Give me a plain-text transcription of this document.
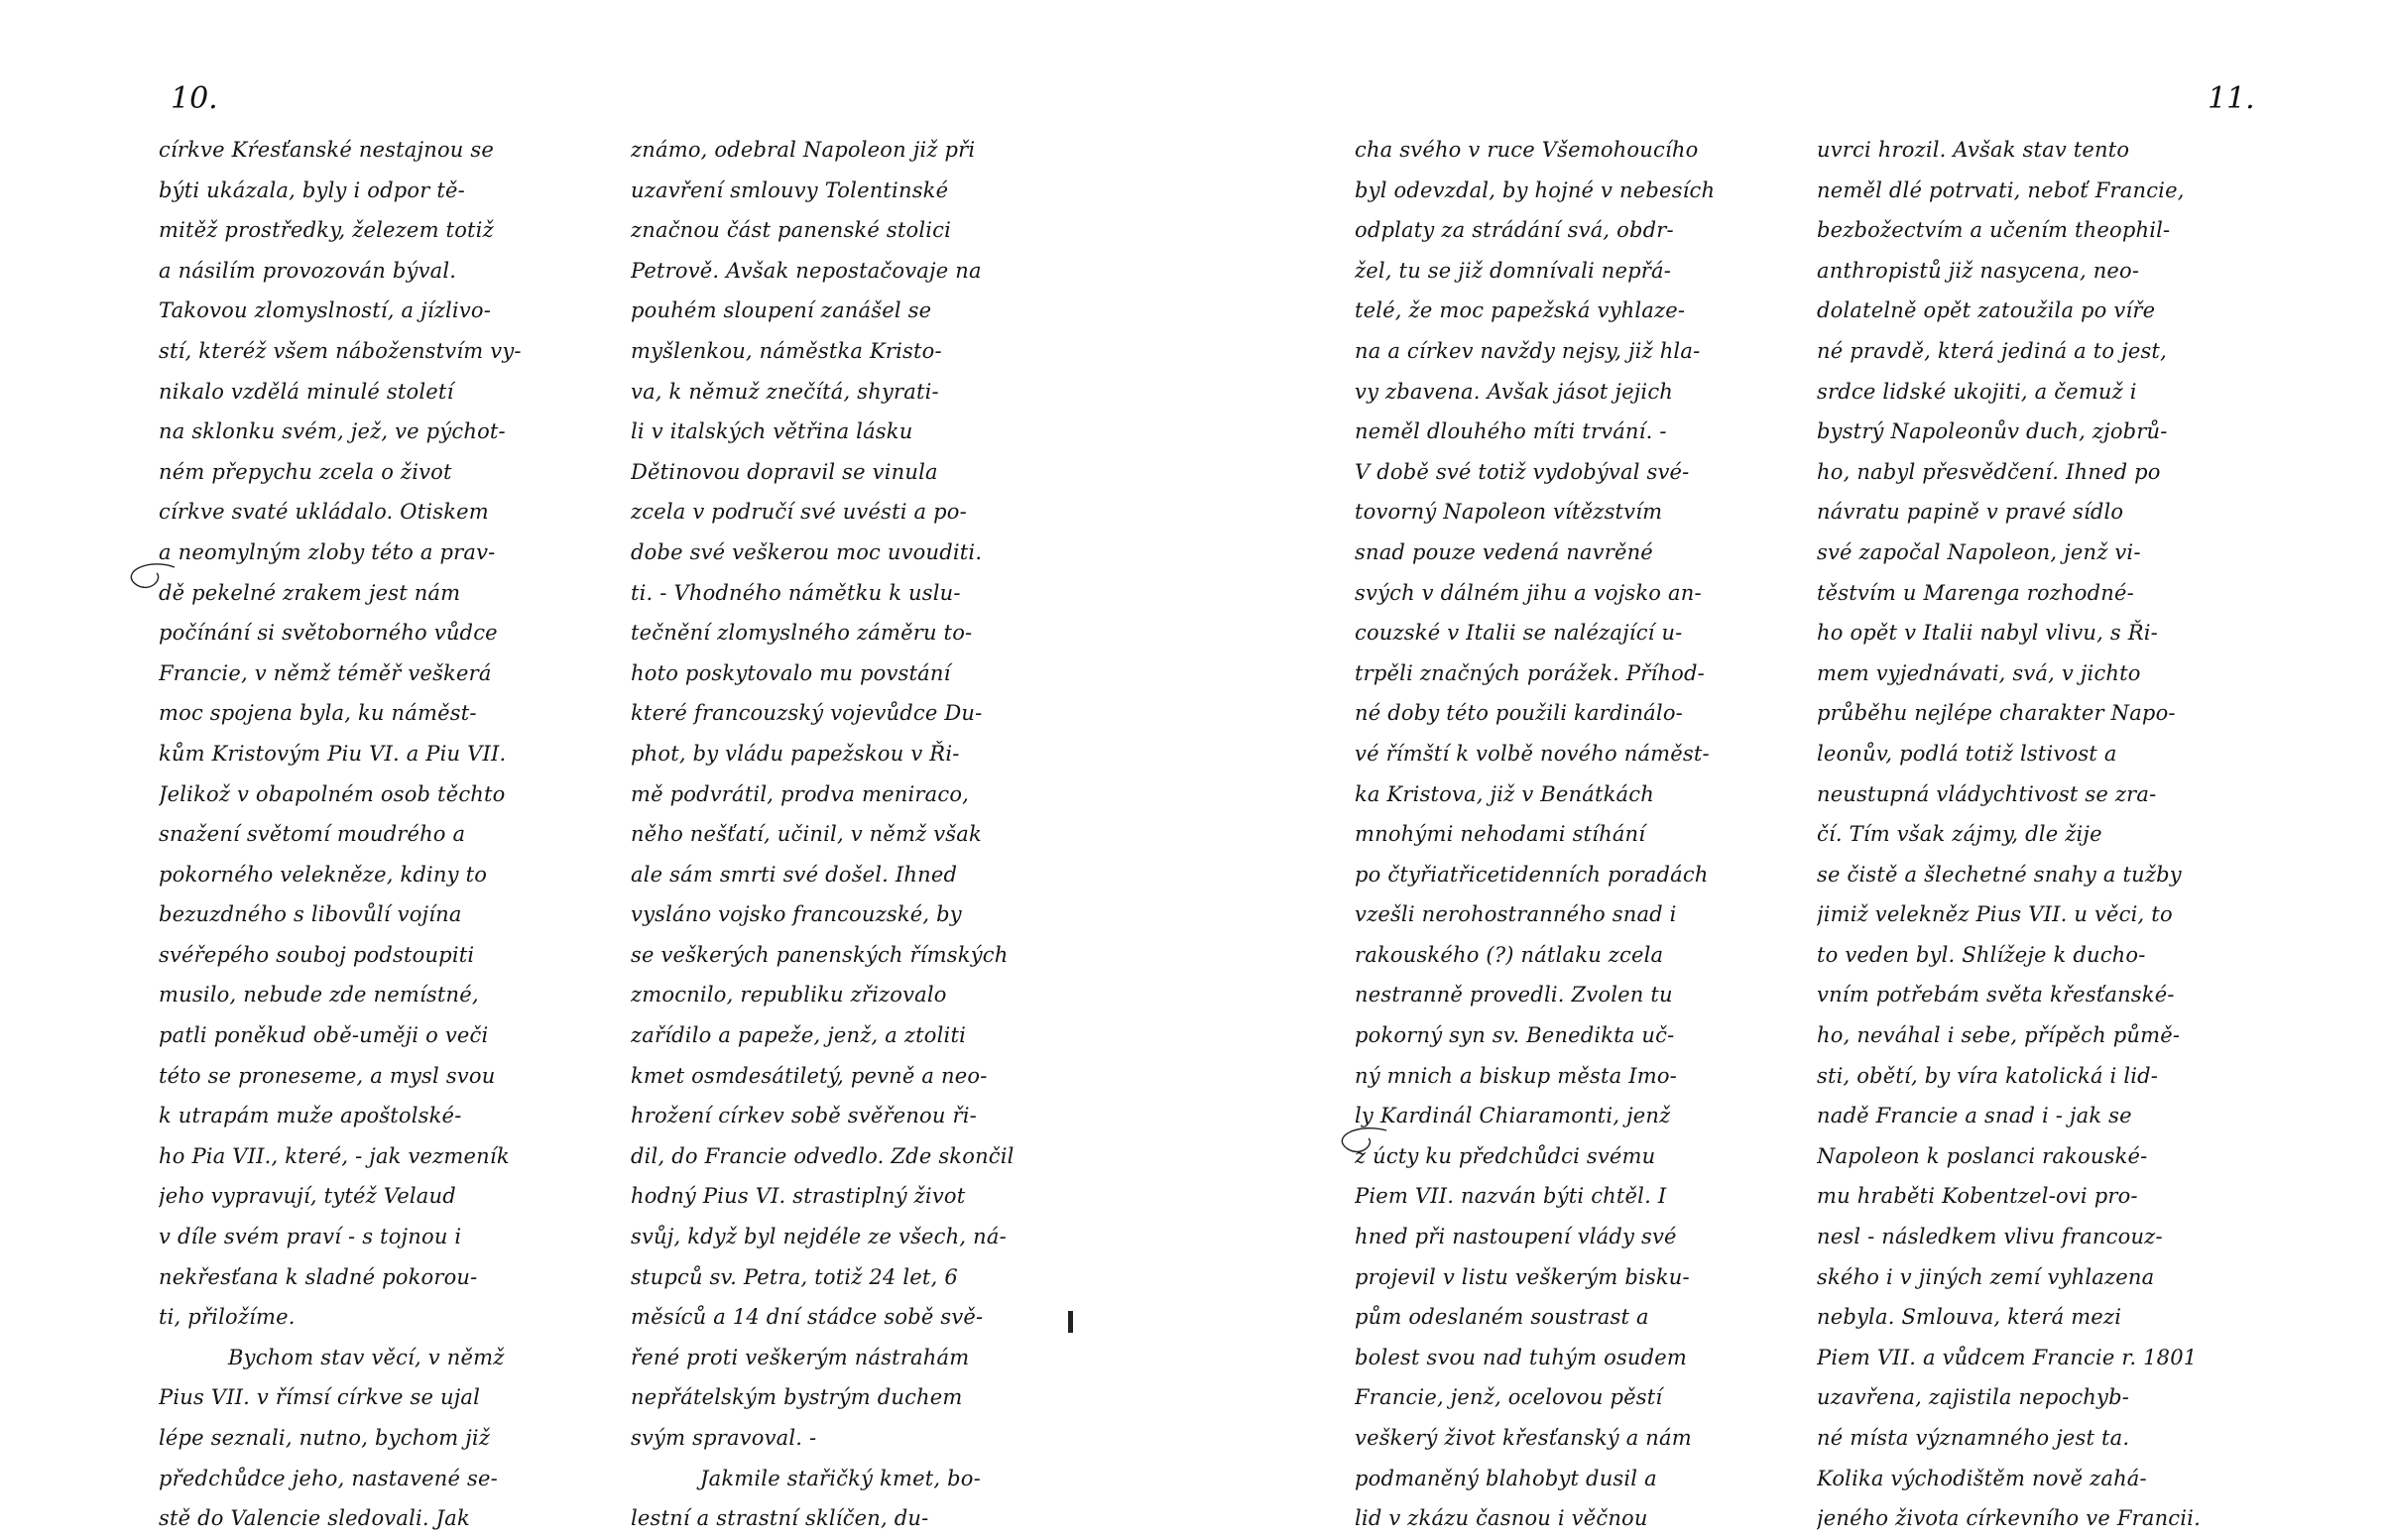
10.
církve Kŕesťanské nestajnou se
býti ukázala, byly i odpor tě-
mitěž prostředky, železem totiž
a násilím provozován býval.
Takovou zlomyslností, a jízlivo-
stí, kteréž všem náboženstvím vy-
nikalo vzdělá minulé století
na sklonku svém, jež, ve pýchot-
ném přepychu zcela o život
církve svaté ukládalo. Otiskem
a neomylným zloby této a prav-
dě pekelné zrakem jest nám
počínání si světoborného vůdce
Francie, v němž téměř veškerá
moc spojena byla, ku náměst-
kům Kristovým Piu VI. a Piu VII.
Jelikož v obapolném osob těchto
snažení světomí moudrého a
pokorného velekněze, kdiny to
bezuzdného s libovůlí vojína
svéřepého souboj podstoupiti
musilo, nebude zde nemístné,
patli poněkud obě-uměji o veči
této se proneseme, a mysl svou
k utrapám muže apoštolské-
ho Pia VII., které, - jak vezmeník
jeho vypravují, tytéž Velaud
v díle svém praví - s tojnou i
nekřesťana k sladné pokorou-
ti, přiložíme.
Bychom stav věcí, v němž
Pius VII. v římsí církve se ujal
lépe seznali, nutno, bychom již
předchůdce jeho, nastavené se-
stě do Valencie sledovali. Jak
známo, odebral Napoleon již při
uzavření smlouvy Tolentinské
značnou část panenské stolici
Petrově. Avšak nepostačovaje na
pouhém sloupení zanášel se
myšlenkou, náměstka Kristo-
va, k němuž znečítá, shyrati-
li v italských větřina lásku
Dětinovou dopravil se vinula
zcela v područí své uvésti a po-
dobe své veškerou moc uvouditi.
ti. - Vhodného námětku k uslu-
tečnění zlomyslného záměru to-
hoto poskytovalo mu povstání
které francouzský vojevůdce Du-
phot, by vládu papežskou v Ři-
mě podvrátil, prodva meniraco,
něho nešťatí, učinil, v němž však
ale sám smrti své došel. Ihned
vysláno vojsko francouzské, by
se veškerých panenských římských
zmocnilo, republiku zřizovalo
zařídilo a papeže, jenž, a ztoliti
kmet osmdesátiletý, pevně a neo-
hrožení církev sobě svěřenou ři-
dil, do Francie odvedlo. Zde skončil
hodný Pius VI. strastiplný život
svůj, když byl nejdéle ze všech, ná-
stupců sv. Petra, totiž 24 let, 6
měsíců a 14 dní stádce sobě svě-
řené proti veškerým nástrahám
nepřátelským bystrým duchem
svým spravoval. -
Jakmile stařičký kmet, bo-
lestní a strastní sklíčen, du-
11.
cha svého v ruce Všemohoucího
byl odevzdal, by hojné v nebesích
odplaty za strádání svá, obdr-
žel, tu se již domnívali nepřá-
telé, že moc papežská vyhlaze-
na a církev navždy nejsy, již hla-
vy zbavena. Avšak jásot jejich
neměl dlouhého míti trvání. -
V době své totiž vydobýval své-
tovorný Napoleon vítězstvím
snad pouze vedená navrěné
svých v dálném jihu a vojsko an-
couzské v Italii se nalézající u-
trpěli značných porážek. Příhod-
né doby této použili kardinálo-
vé římští k volbě nového náměst-
ka Kristova, již v Benátkách
mnohými nehodami stíhání
po čtyřiatřicetidenních poradách
vzešli nerohostranného snad i
rakouského (?) nátlaku zcela
nestranně provedli. Zvolen tu
pokorný syn sv. Benedikta uč-
ný mnich a biskup města Imo-
ly Kardinál Chiaramonti, jenž
z úcty ku předchůdci svému
Piem VII. nazván býti chtěl. I
hned při nastoupení vlády své
projevil v listu veškerým bisku-
pům odeslaném soustrast a
bolest svou nad tuhým osudem
Francie, jenž, ocelovou pěstí
veškerý život křesťanský a nám
podmaněný blahobyt dusil a
lid v zkázu časnou i věčnou
uvrci hrozil. Avšak stav tento
neměl dlé potrvati, neboť Francie,
bezbožectvím a učením theophil-
anthropistů již nasycena, neo-
dolatelně opět zatoužila po víře
né pravdě, která jediná a to jest,
srdce lidské ukojiti, a čemuž i
bystrý Napoleonův duch, zjobrů-
ho, nabyl přesvědčení. Ihned po
návratu papině v pravé sídlo
své započal Napoleon, jenž vi-
těstvím u Marenga rozhodné-
ho opět v Italii nabyl vlivu, s Ři-
mem vyjednávati, svá, v jichto
průběhu nejlépe charakter Napo-
leonův, podlá totiž lstivost a
neustupná vládychtivost se zra-
čí. Tím však zájmy, dle žije
se čistě a šlechetné snahy a tužby
jimiž velekněz Pius VII. u věci, to
to veden byl. Shlížeje k ducho-
vním potřebám světa křesťanské-
ho, neváhal i sebe, přípěch půmě-
sti, obětí, by víra katolická i lid-
nadě Francie a snad i - jak se
Napoleon k poslanci rakouské-
mu hraběti Kobentzel-ovi pro-
nesl - následkem vlivu francouz-
ského i v jiných zemí vyhlazena
nebyla. Smlouva, která mezi
Piem VII. a vůdcem Francie r. 1801
uzavřena, zajistila nepochyb-
né místa významného jest ta.
Kolika východištěm nově zahá-
jeného života církevního ve Francii.
